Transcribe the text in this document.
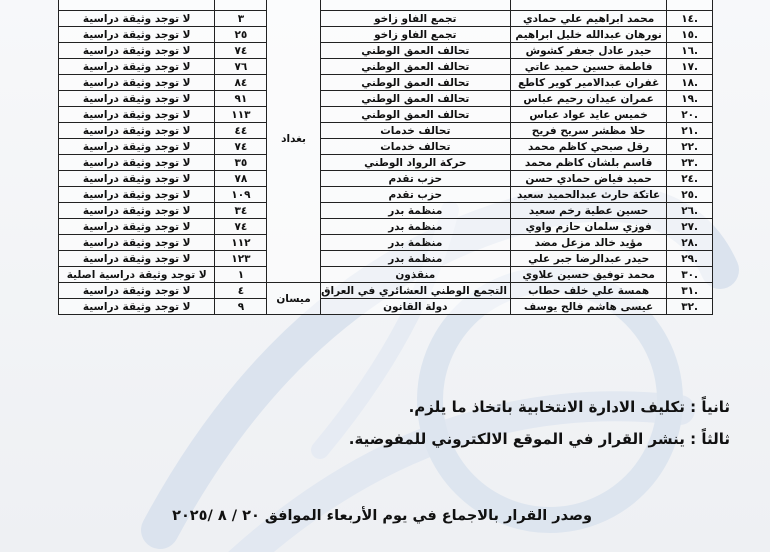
			بغداد		
.١٤	محمد ابراهيم علي حمادي	تجمع الفاو زاخو		٣	لا توجد وثيقة دراسية
.١٥	نورهان عبدالله خليل ابراهيم	تجمع الفاو زاخو		٢٥	لا توجد وثيقة دراسية
.١٦	حيدر عادل جعفر كشوش	تحالف العمق الوطني		٧٤	لا توجد وثيقة دراسية
.١٧	فاطمة حسين حميد عاتي	تحالف العمق الوطني		٧٦	لا توجد وثيقة دراسية
.١٨	غفران عبدالامير كوير كاطع	تحالف العمق الوطني		٨٤	لا توجد وثيقة دراسية
.١٩	عمران عيدان رحيم عباس	تحالف العمق الوطني		٩١	لا توجد وثيقة دراسية
.٢٠	خميس عايد عواد عباس	تحالف العمق الوطني		١١٣	لا توجد وثيقة دراسية
.٢١	حلا مظشر سريح فريح	تحالف خدمات		٤٤	لا توجد وثيقة دراسية
.٢٢	رقل صبحي كاظم محمد	تحالف خدمات		٧٤	لا توجد وثيقة دراسية
.٢٣	قاسم بلشان كاظم محمد	حركة الرواد الوطني		٣٥	لا توجد وثيقة دراسية
.٢٤	حميد فياض حمادي حسن	حزب تقدم		٧٨	لا توجد وثيقة دراسية
.٢٥	عاتكة حارث عبدالحميد سعيد	حزب تقدم		١٠٩	لا توجد وثيقة دراسية
.٢٦	حسين عطية رخم سعيد	منظمة بدر		٣٤	لا توجد وثيقة دراسية
.٢٧	فوزي سلمان حازم واوي	منظمة بدر		٧٤	لا توجد وثيقة دراسية
.٢٨	مؤيد خالد مزعل مضد	منظمة بدر		١١٢	لا توجد وثيقة دراسية
.٢٩	حيدر عبدالرضا جبر علي	منظمة بدر		١٢٣	لا توجد وثيقة دراسية
.٣٠	محمد توفيق حسين علاوي	منقذون		١	لا توجد وثيقة دراسية اصلية
.٣١	همسة علي خلف حطاب	التجمع الوطني العشائري في العراق	ميسان	٤	لا توجد وثيقة دراسية
.٣٢	عيسى هاشم فالح يوسف	دولة القانون		٩	لا توجد وثيقة دراسية
ثانياً : تكليف الادارة الانتخابية باتخاذ ما يلزم.
ثالثاً : ينشر القرار في الموقع الالكتروني للمفوضية.
وصدر القرار بالاجماع في يوم الأربعاء الموافق ٢٠ / ٨ /٢٠٢٥
